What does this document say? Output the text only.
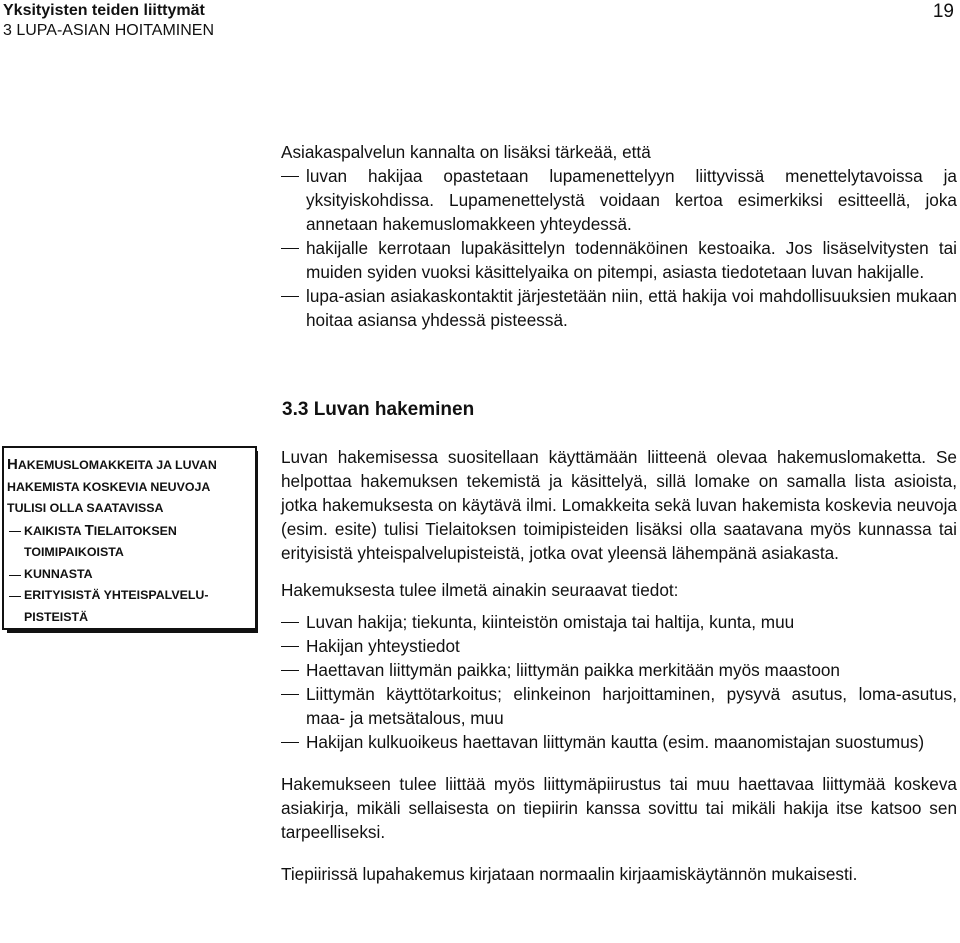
Yksityisten teiden liittymät
3 LUPA-ASIAN HOITAMINEN
19
Asiakaspalvelun kannalta on lisäksi tärkeää, että
luvan hakijaa opastetaan lupamenettelyyn liittyvissä menettelytavoissa ja yksityiskohdissa. Lupamenettelystä voidaan kertoa esimerkiksi esitteellä, joka annetaan hakemuslomakkeen yhteydessä.
hakijalle kerrotaan lupakäsittelyn todennäköinen kestoaika. Jos lisäselvitysten tai muiden syiden vuoksi käsittelyaika on pitempi, asiasta tiedotetaan luvan hakijalle.
lupa-asian asiakaskontaktit järjestetään niin, että hakija voi mahdollisuuksien mukaan hoitaa asiansa yhdessä pisteessä.
3.3 Luvan hakeminen
HAKEMUSLOMAKKEITA JA LUVAN
HAKEMISTA KOSKEVIA NEUVOJA
TULISI OLLA SAATAVISSA
KAIKISTA TIELAITOKSEN
TOIMIPAIKOISTA
KUNNASTA
ERITYISISTÄ YHTEISPALVELU-
PISTEISTÄ

Luvan hakemisessa suositellaan käyttämään liitteenä olevaa hakemuslomaketta. Se helpottaa hakemuksen tekemistä ja käsittelyä, sillä lomake on samalla lista asioista, jotka hakemuksesta on käytävä ilmi. Lomakkeita sekä luvan hakemista koskevia neuvoja (esim. esite) tulisi Tielaitoksen toimipisteiden lisäksi olla saatavana myös kunnassa tai erityisistä yhteispalvelupisteistä, jotka ovat yleensä lähempänä asiakasta.

Hakemuksesta tulee ilmetä ainakin seuraavat tiedot:

Luvan hakija; tiekunta, kiinteistön omistaja tai haltija, kunta, muu
Hakijan yhteystiedot
Haettavan liittymän paikka; liittymän paikka merkitään myös maastoon
Liittymän käyttötarkoitus; elinkeinon harjoittaminen, pysyvä asutus, loma-asutus, maa- ja metsätalous, muu
Hakijan kulkuoikeus haettavan liittymän kautta (esim. maanomistajan suostumus)

Hakemukseen tulee liittää myös liittymäpiirustus tai muu haettavaa liittymää koskeva asiakirja, mikäli sellaisesta on tiepiirin kanssa sovittu tai mikäli hakija itse katsoo sen tarpeelliseksi.

Tiepiirissä lupahakemus kirjataan normaalin kirjaamiskäytännön mukaisesti.
